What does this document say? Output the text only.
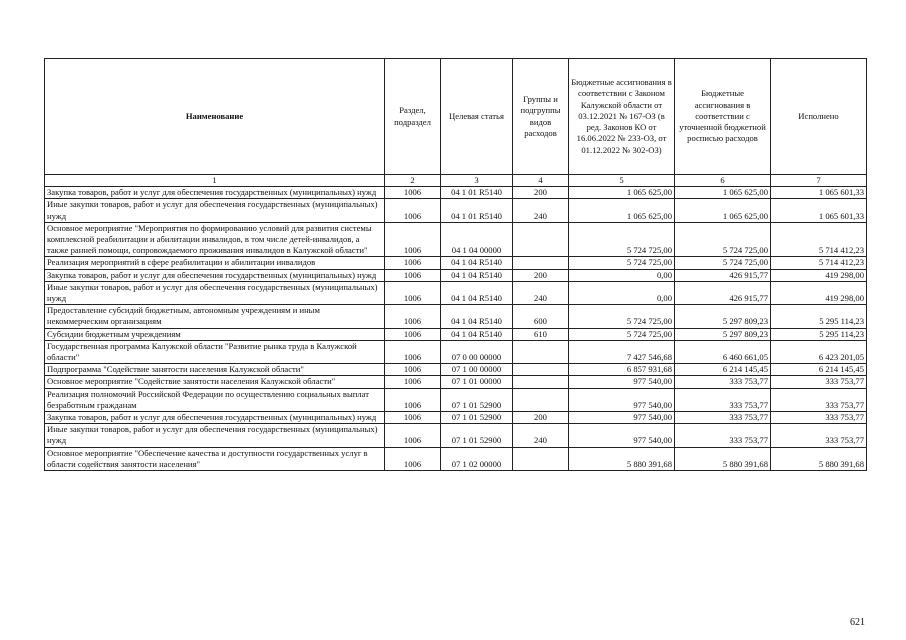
Наименование	Раздел, подраздел	Целевая статья	Группы и подгруппы видов расходов	Бюджетные ассигнования в соответствии с Законом Калужской области от 03.12.2021 № 167-ОЗ (в ред. Законов КО от 16.06.2022 № 233-ОЗ, от 01.12.2022 № 302-ОЗ)	Бюджетные ассигнования в соответствии с уточненной бюджетной росписью расходов	Исполнено
1	2	3	4	5	6	7
Закупка товаров, работ и услуг для обеспечения государственных (муниципальных) нужд	1006	04 1 01 R5140	200	1 065 625,00	1 065 625,00	1 065 601,33
Иные закупки товаров, работ и услуг для обеспечения государственных (муниципальных) нужд	1006	04 1 01 R5140	240	1 065 625,00	1 065 625,00	1 065 601,33
Основное мероприятие "Мероприятия по формированию условий для развития системы комплексной реабилитации и абилитации инвалидов, в том числе детей-инвалидов, а также ранней помощи, сопровождаемого проживания инвалидов в Калужской области"	1006	04 1 04 00000		5 724 725,00	5 724 725,00	5 714 412,23
Реализация мероприятий в сфере реабилитации и абилитации инвалидов	1006	04 1 04 R5140		5 724 725,00	5 724 725,00	5 714 412,23
Закупка товаров, работ и услуг для обеспечения государственных (муниципальных) нужд	1006	04 1 04 R5140	200	0,00	426 915,77	419 298,00
Иные закупки товаров, работ и услуг для обеспечения государственных (муниципальных) нужд	1006	04 1 04 R5140	240	0,00	426 915,77	419 298,00
Предоставление субсидий бюджетным, автономным учреждениям и иным некоммерческим организациям	1006	04 1 04 R5140	600	5 724 725,00	5 297 809,23	5 295 114,23
Субсидии бюджетным учреждениям	1006	04 1 04 R5140	610	5 724 725,00	5 297 809,23	5 295 114,23
Государственная программа Калужской области "Развитие рынка труда в Калужской области"	1006	07 0 00 00000		7 427 546,68	6 460 661,05	6 423 201,05
Подпрограмма "Содействие занятости населения Калужской области"	1006	07 1 00 00000		6 857 931,68	6 214 145,45	6 214 145,45
Основное мероприятие "Содействие занятости населения Калужской области"	1006	07 1 01 00000		977 540,00	333 753,77	333 753,77
Реализация полномочий Российской Федерации по осуществлению социальных выплат безработным гражданам	1006	07 1 01 52900		977 540,00	333 753,77	333 753,77
Закупка товаров, работ и услуг для обеспечения государственных (муниципальных) нужд	1006	07 1 01 52900	200	977 540,00	333 753,77	333 753,77
Иные закупки товаров, работ и услуг для обеспечения государственных (муниципальных) нужд	1006	07 1 01 52900	240	977 540,00	333 753,77	333 753,77
Основное мероприятие "Обеспечение качества и доступности государственных услуг в области содействия занятости населения"	1006	07 1 02 00000		5 880 391,68	5 880 391,68	5 880 391,68
621
